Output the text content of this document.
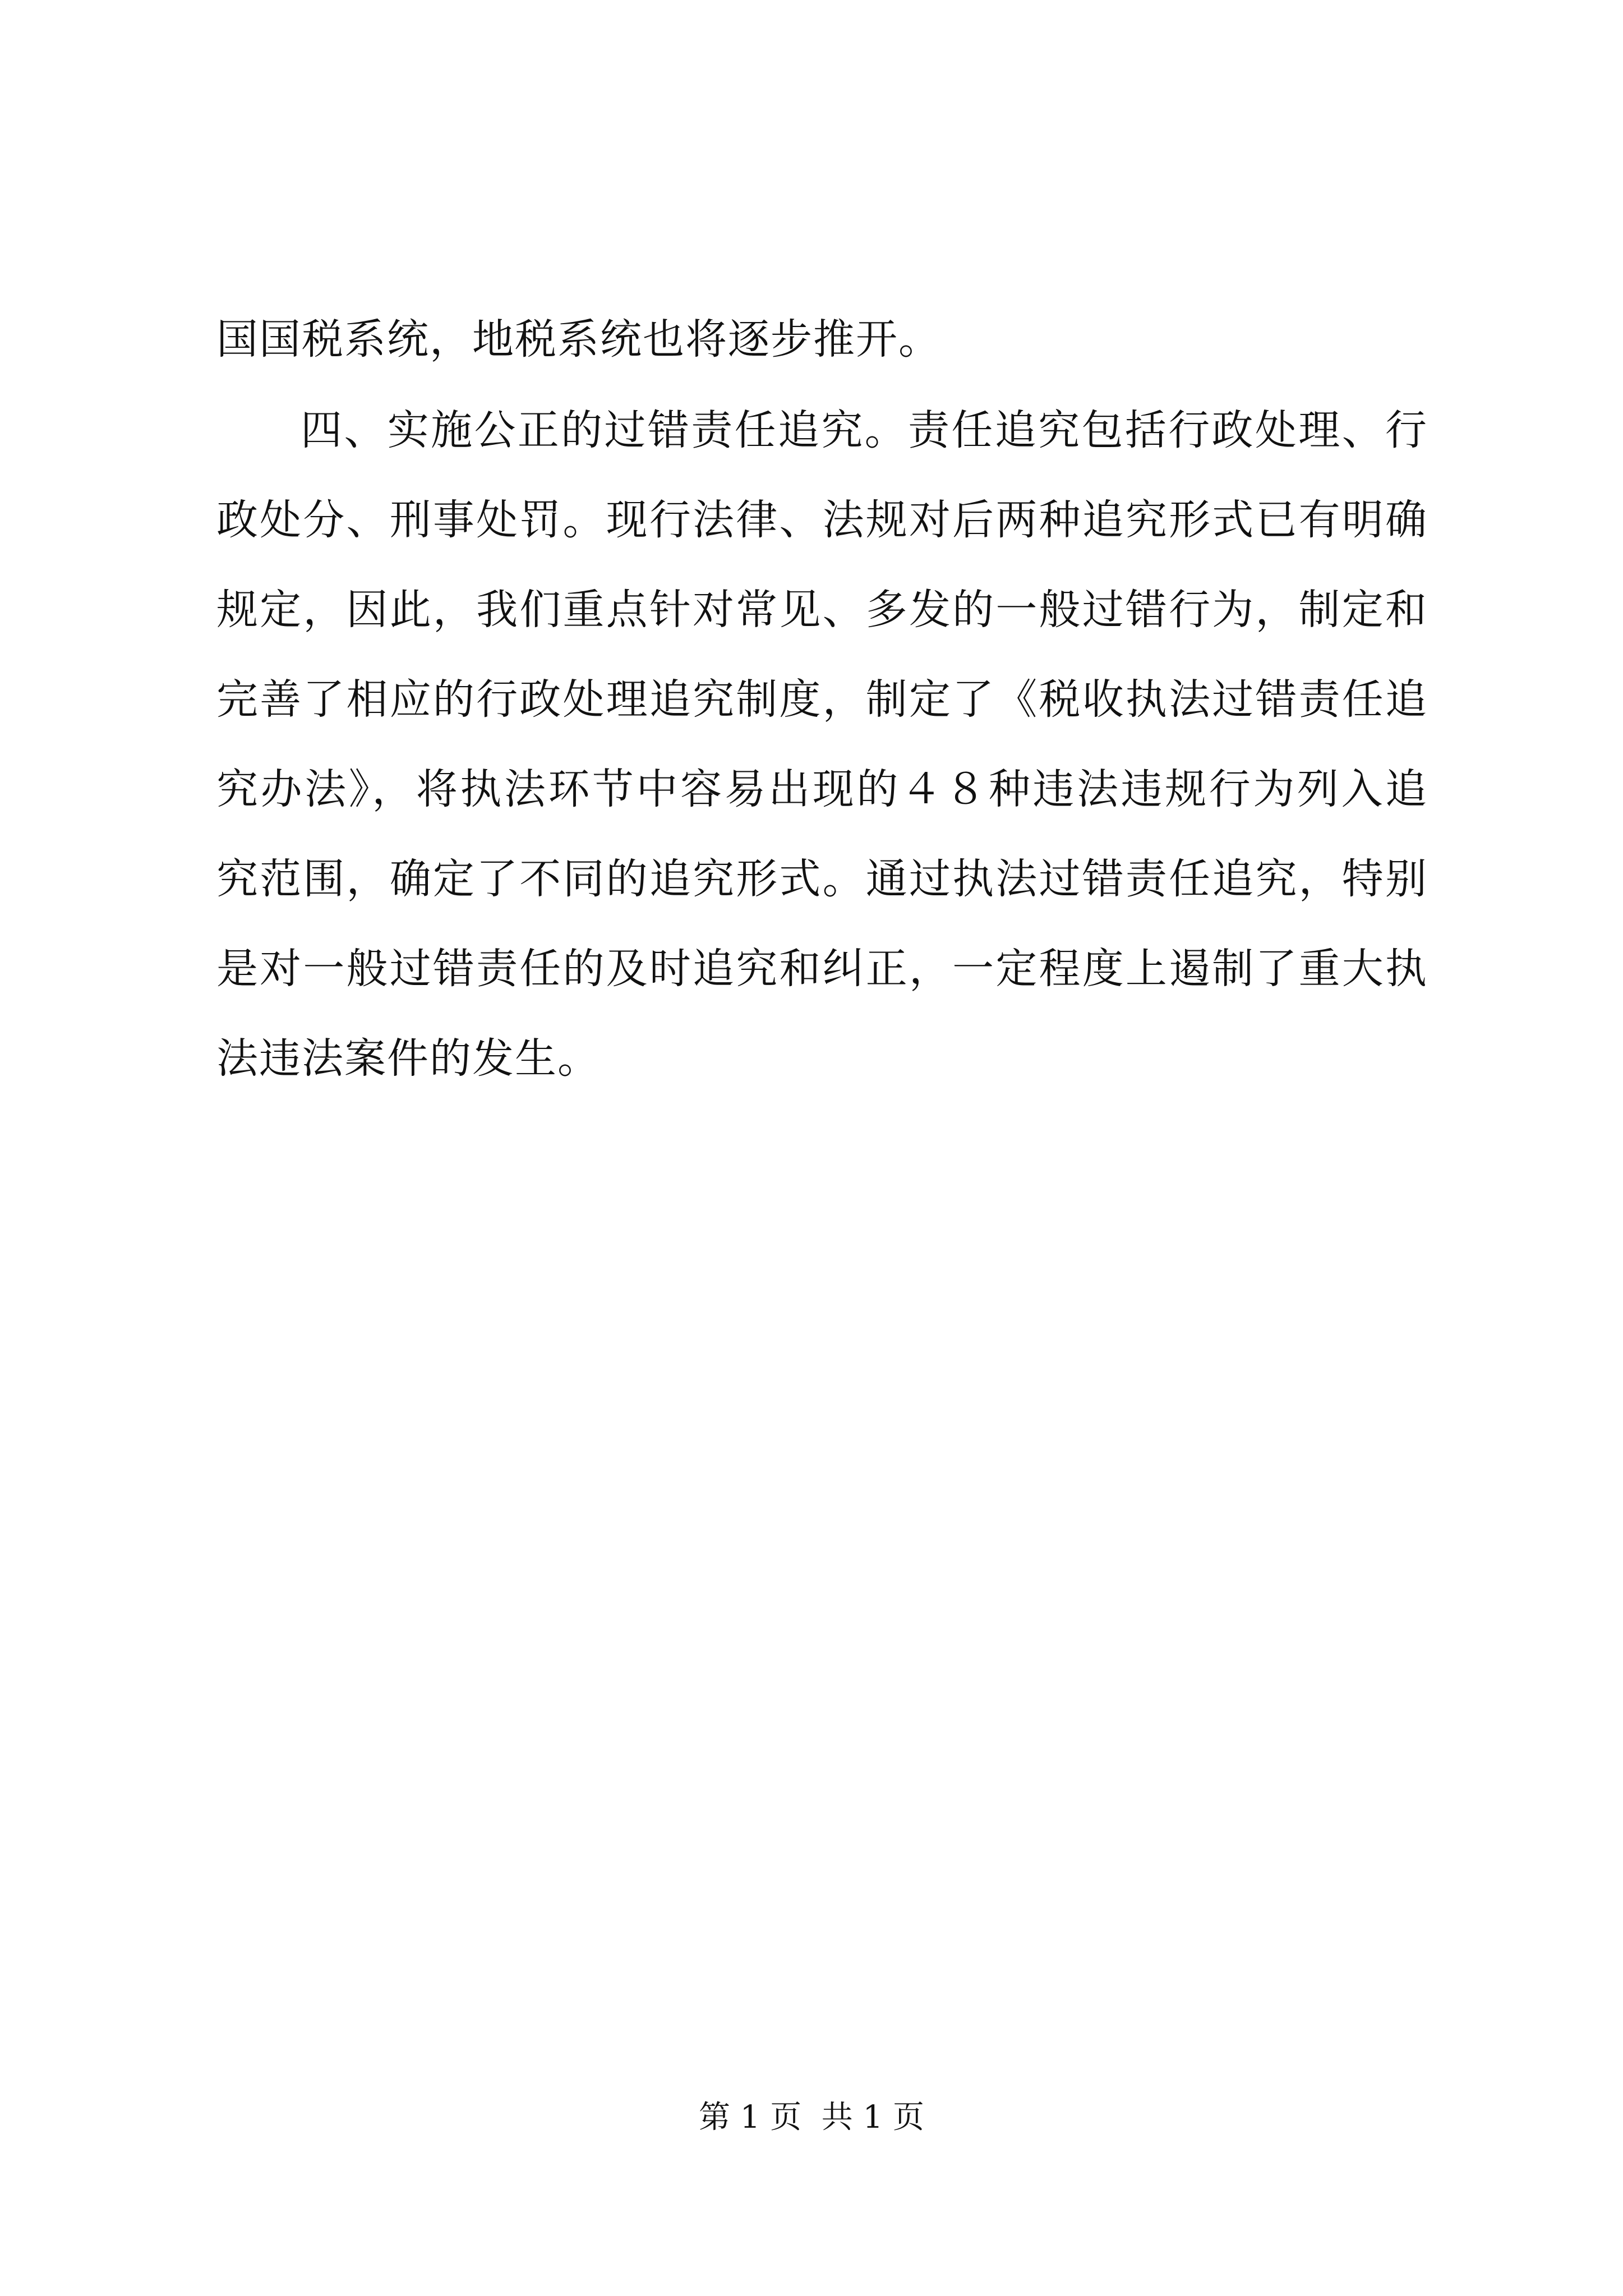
国国税系统，地税系统也将逐步推开。
四、实施公正的过错责任追究。责任追究包括行政处理、行
政处分、刑事处罚。现行法律、法规对后两种追究形式已有明确
规定，因此，我们重点针对常见、多发的一般过错行为，制定和
完善了相应的行政处理追究制度，制定了《税收执法过错责任追
究办法》，将执法环节中容易出现的４８种违法违规行为列入追
究范围，确定了不同的追究形式。通过执法过错责任追究，特别
是对一般过错责任的及时追究和纠正，一定程度上遏制了重大执
法违法案件的发生。
第 1 页  共 1 页
